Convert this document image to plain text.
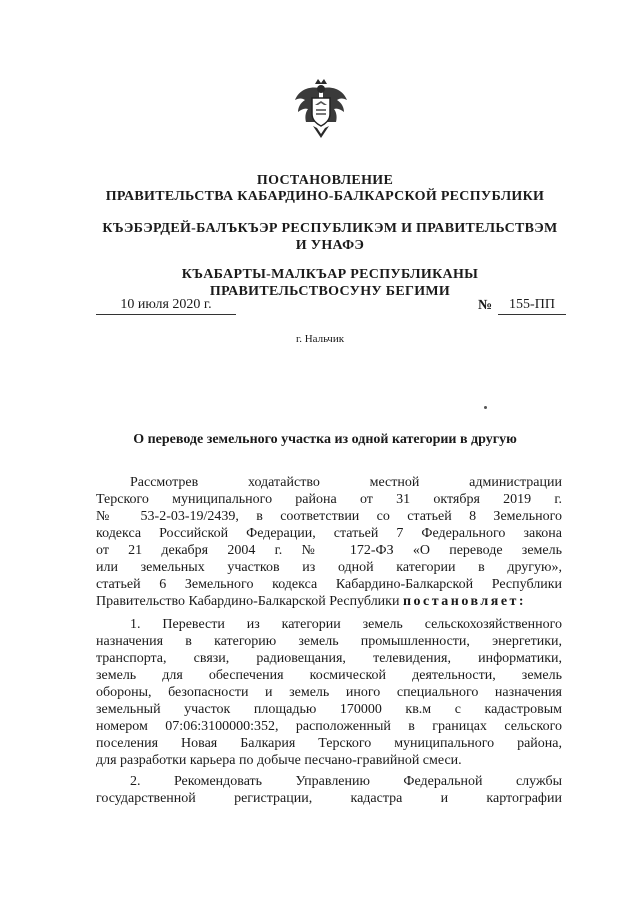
ПОСТАНОВЛЕНИЕ
ПРАВИТЕЛЬСТВА КАБАРДИНО-БАЛКАРСКОЙ РЕСПУБЛИКИ
КЪЭБЭРДЕЙ-БАЛЪКЪЭР РЕСПУБЛИКЭМ И ПРАВИТЕЛЬСТВЭМ И УНАФЭ
КЪАБАРТЫ-МАЛКЪАР РЕСПУБЛИКАНЫ ПРАВИТЕЛЬСТВОСУНУ БЕГИМИ
10 июля 2020 г.	№	155-ПП
г. Нальчик
О переводе земельного участка из одной категории в другую

Рассмотрев ходатайство местной администрации

Терского муниципального района от 31 октября 2019 г.

№ 53-2-03-19/2439, в соответствии со статьей 8 Земельного

кодекса Российской Федерации, статьей 7 Федерального закона

от 21 декабря 2004 г. № 172-ФЗ «О переводе земель

или земельных участков из одной категории в другую»,

статьей 6 Земельного кодекса Кабардино-Балкарской Республики

Правительство Кабардино-Балкарской Республики постановляет:

1. Перевести из категории земель сельскохозяйственного

назначения в категорию земель промышленности, энергетики,

транспорта, связи, радиовещания, телевидения, информатики,

земель для обеспечения космической деятельности, земель

обороны, безопасности и земель иного специального назначения

земельный участок площадью 170000 кв.м с кадастровым

номером 07:06:3100000:352, расположенный в границах сельского

поселения Новая Балкария Терского муниципального района,

для разработки карьера по добыче песчано-гравийной смеси.

2. Рекомендовать Управлению Федеральной службы

государственной регистрации, кадастра и картографии
